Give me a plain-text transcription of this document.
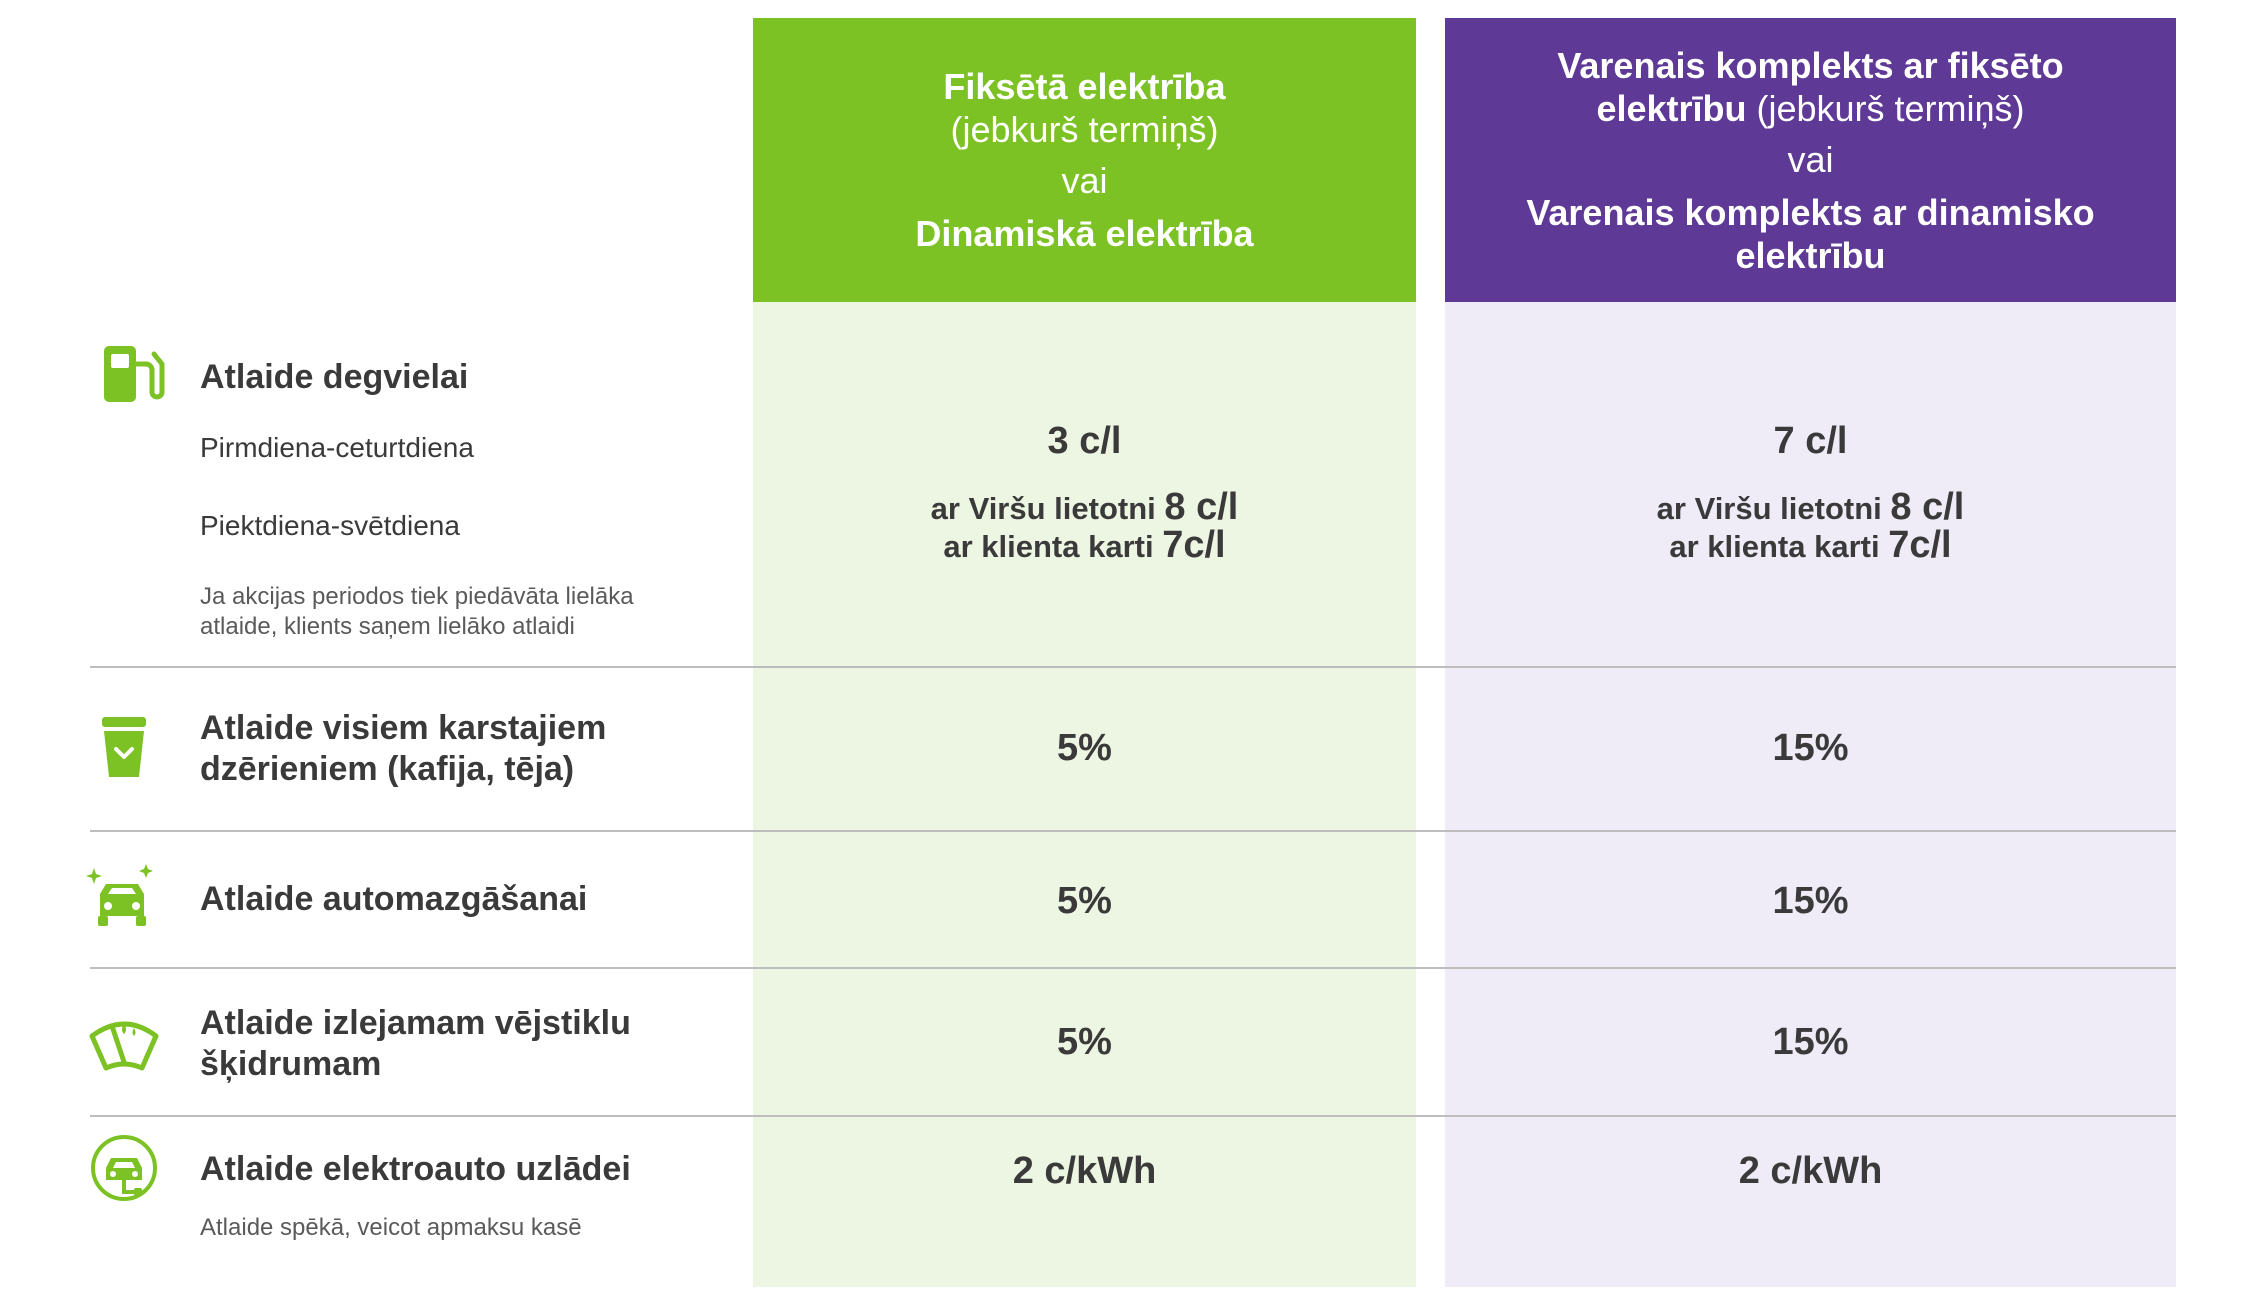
Fiksētā elektrība
(jebkurš termiņš)
vai
Dinamiskā elektrība
Varenais komplekts ar fiksēto
elektrību (jebkurš termiņš)
vai
Varenais komplekts ar dinamisko
elektrību
Atlaide degvielai
Pirmdiena-ceturtdiena
Piektdiena-svētdiena
Ja akcijas periodos tiek piedāvāta lielāka
atlaide, klients saņem lielāko atlaidi
3 c/l
ar Viršu lietotni 8 c/l
ar klienta karti 7c/l
7 c/l
ar Viršu lietotni 8 c/l
ar klienta karti 7c/l
Atlaide visiem karstajiem
dzērieniem (kafija, tēja)	5%	15%
Atlaide automazgāšanai	5%	15%
Atlaide izlejamam vējstiklu
šķidrumam
5%	15%
Atlaide elektroauto uzlādei
Atlaide spēkā, veicot apmaksu kasē
2 c/kWh	2 c/kWh
